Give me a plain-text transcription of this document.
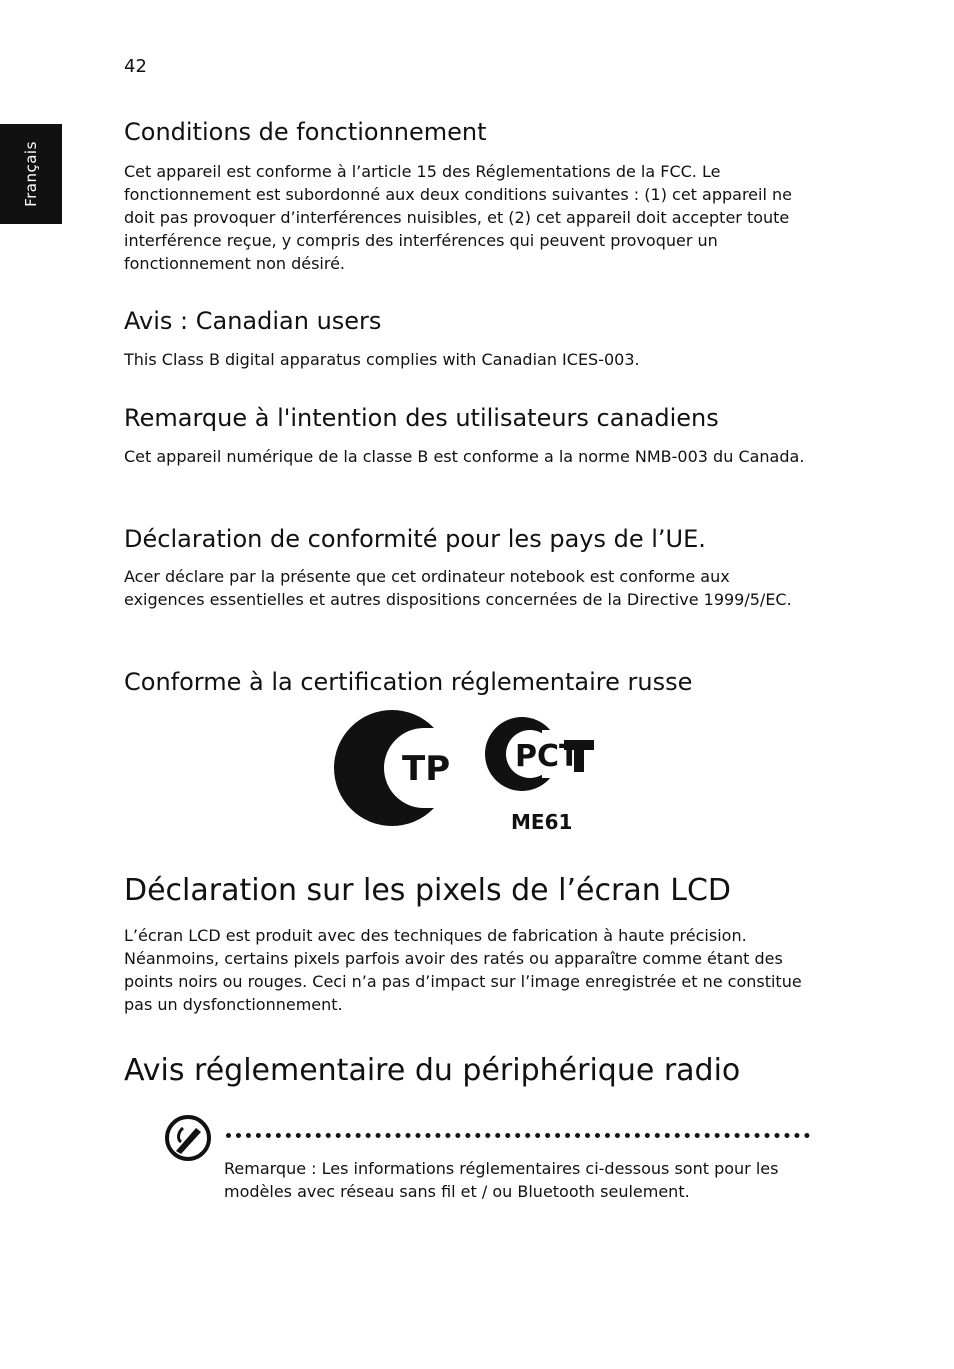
42
Français
Conditions de fonctionnement

Cet appareil est conforme à l’article 15 des Réglementations de la FCC. Le fonctionnement est subordonné aux deux conditions suivantes : (1) cet appareil ne doit pas provoquer d’interférences nuisibles, et (2) cet appareil doit accepter toute interférence reçue, y compris des interférences qui peuvent provoquer un fonctionnement non désiré.

Avis : Canadian users

This Class B digital apparatus complies with Canadian ICES-003.

Remarque à l'intention des utilisateurs canadiens

Cet appareil numérique de la classe B est conforme a la norme NMB-003 du Canada.

Déclaration de conformité pour les pays de l’UE.

Acer déclare par la présente que cet ordinateur notebook est conforme aux exigences essentielles et autres dispositions concernées de la Directive 1999/5/EC.

Conforme à la certification réglementaire russe
TP PCT
ME61
Déclaration sur les pixels de l’écran LCD

L’écran LCD est produit avec des techniques de fabrication à haute précision. Néanmoins, certains pixels parfois avoir des ratés ou apparaître comme étant des points noirs ou rouges. Ceci n’a pas d’impact sur l’image enregistrée et ne constitue pas un dysfonctionnement.

Avis réglementaire du périphérique radio

Remarque : Les informations réglementaires ci-dessous sont pour les modèles avec réseau sans fil et / ou Bluetooth seulement.
